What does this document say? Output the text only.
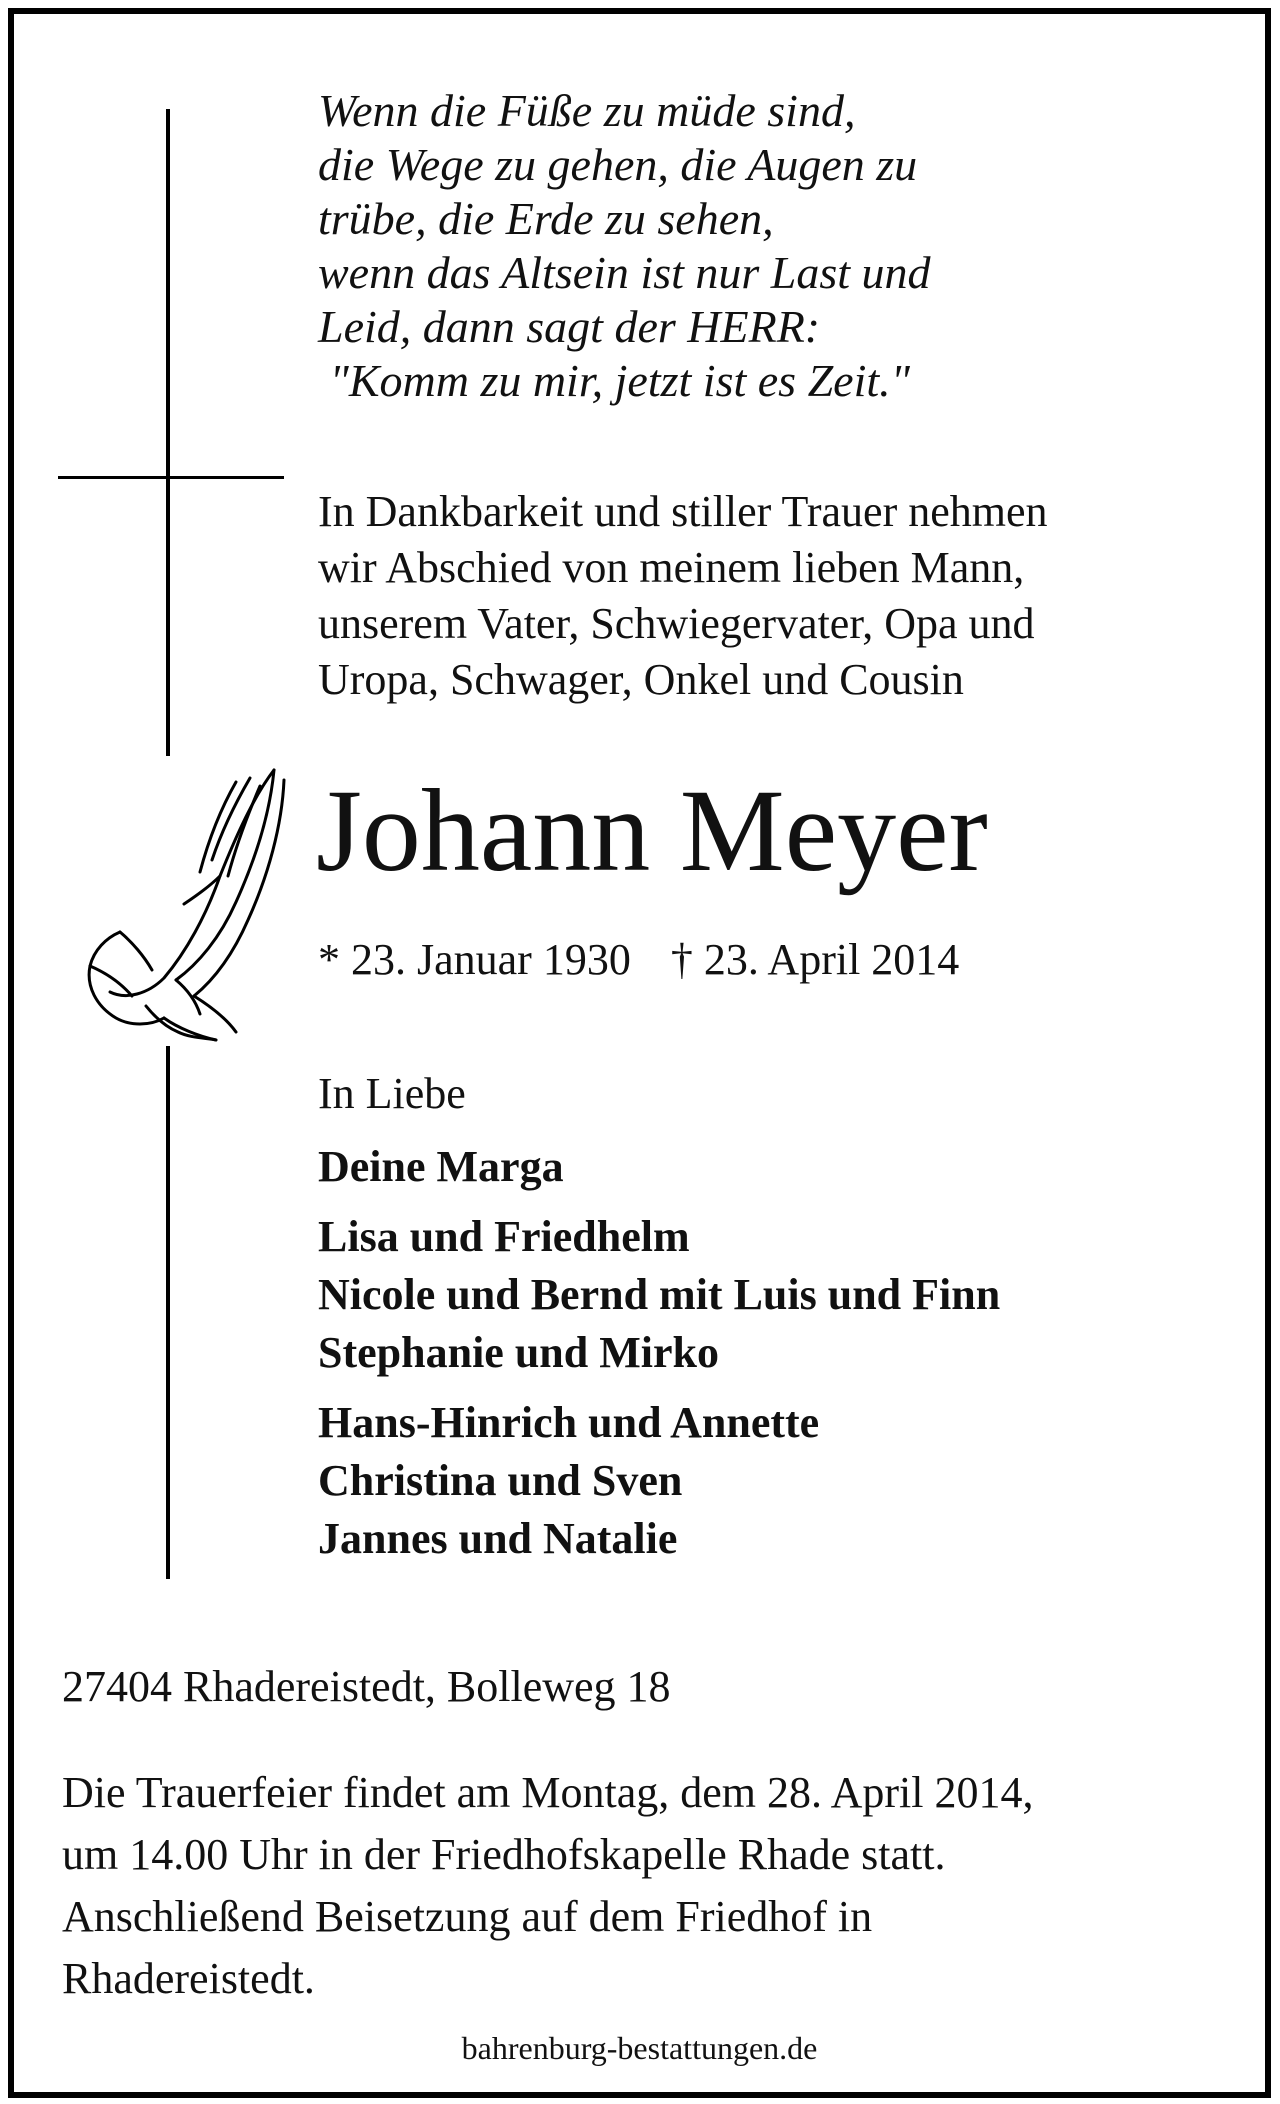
Wenn die Füße zu müde sind,
die Wege zu gehen, die Augen zu
trübe, die Erde zu sehen,
wenn das Altsein ist nur Last und
Leid, dann sagt der HERR:
"Komm zu mir, jetzt ist es Zeit."

In Dankbarkeit und stiller Trauer nehmen
wir Abschied von meinem lieben Mann,
unserem Vater, Schwiegervater, Opa und
Uropa, Schwager, Onkel und Cousin

Johann Meyer
* 23. Januar 1930 † 23. April 2014
In Liebe
Deine Marga
Lisa und Friedhelm
Nicole und Bernd mit Luis und Finn
Stephanie und Mirko
Hans-Hinrich und Annette
Christina und Sven
Jannes und Natalie
27404 Rhadereistedt, Bolleweg 18

Die Trauerfeier findet am Montag, dem 28. April 2014,
um 14.00 Uhr in der Friedhofskapelle Rhade statt.
Anschließend Beisetzung auf dem Friedhof in
Rhadereistedt.

bahrenburg-bestattungen.de
